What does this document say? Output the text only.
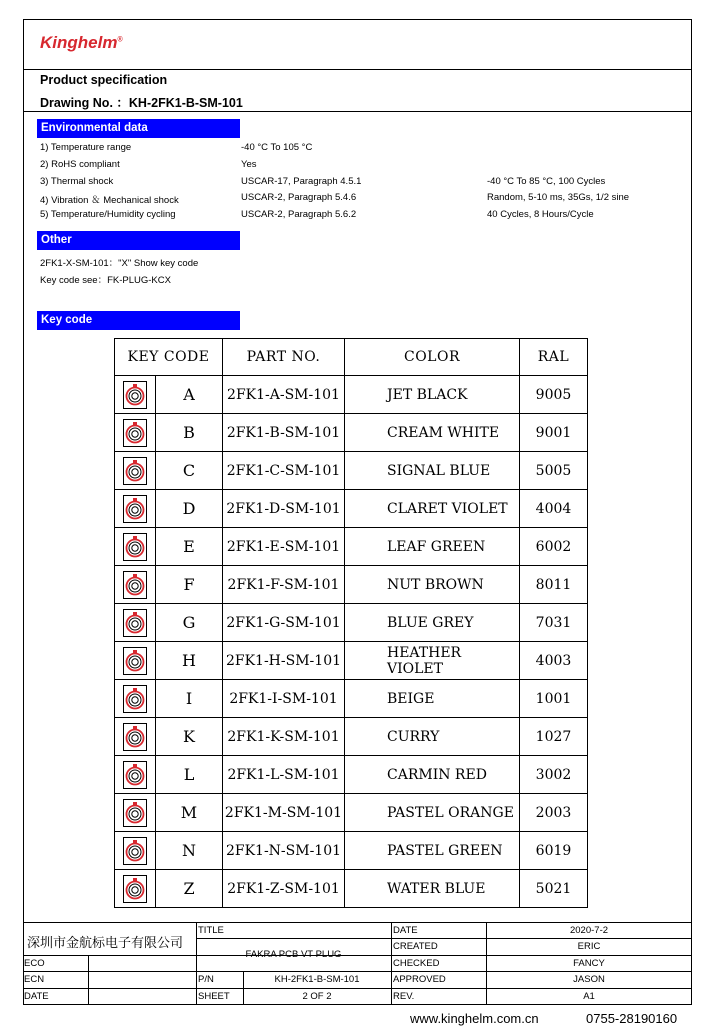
Kinghelm®
Product specification
Drawing No. ：KH-2FK1-B-SM-101
Environmental data
1) Temperature range	-40 °C To 105 °C
2) RoHS compliant	Yes
3) Thermal shock	USCAR-17, Paragraph 4.5.1	-40 °C To 85 °C, 100 Cycles
4) Vibration ＆ Mechanical shock	USCAR-2, Paragraph 5.4.6	Random, 5-10 ms, 35Gs, 1/2 sine
5) Temperature/Humidity cycling	USCAR-2, Paragraph 5.6.2	40 Cycles, 8 Hours/Cycle
Other
2FK1-X-SM-101："X" Show key code
Key code see：FK-PLUG-KCX
Key code
KEY CODE		PART NO.	COLOR	RAL

	A	2FK1-A-SM-101	JET BLACK	9005

	B	2FK1-B-SM-101	CREAM WHITE	9001

	C	2FK1-C-SM-101	SIGNAL BLUE	5005

	D	2FK1-D-SM-101	CLARET VIOLET	4004

	E	2FK1-E-SM-101	LEAF GREEN	6002

	F	2FK1-F-SM-101	NUT BROWN	8011

	G	2FK1-G-SM-101	BLUE GREY	7031

	H	2FK1-H-SM-101	HEATHER VIOLET	4003

	I	2FK1-I-SM-101	BEIGE	1001

	K	2FK1-K-SM-101	CURRY	1027

	L	2FK1-L-SM-101	CARMIN RED	3002

	M	2FK1-M-SM-101	PASTEL ORANGE	2003

	N	2FK1-N-SM-101	PASTEL GREEN	6019

	Z	2FK1-Z-SM-101	WATER BLUE	5021
深圳市金航标电子有限公司
ECO
ECN
DATE
TITLE
FAKRA PCB VT PLUG
P/N	KH-2FK1-B-SM-101
SHEET	2 OF 2
DATE	2020-7-2
CREATED	ERIC
CHECKED	FANCY
APPROVED	JASON
REV.	A1
www.kinghelm.com.cn	0755-28190160
